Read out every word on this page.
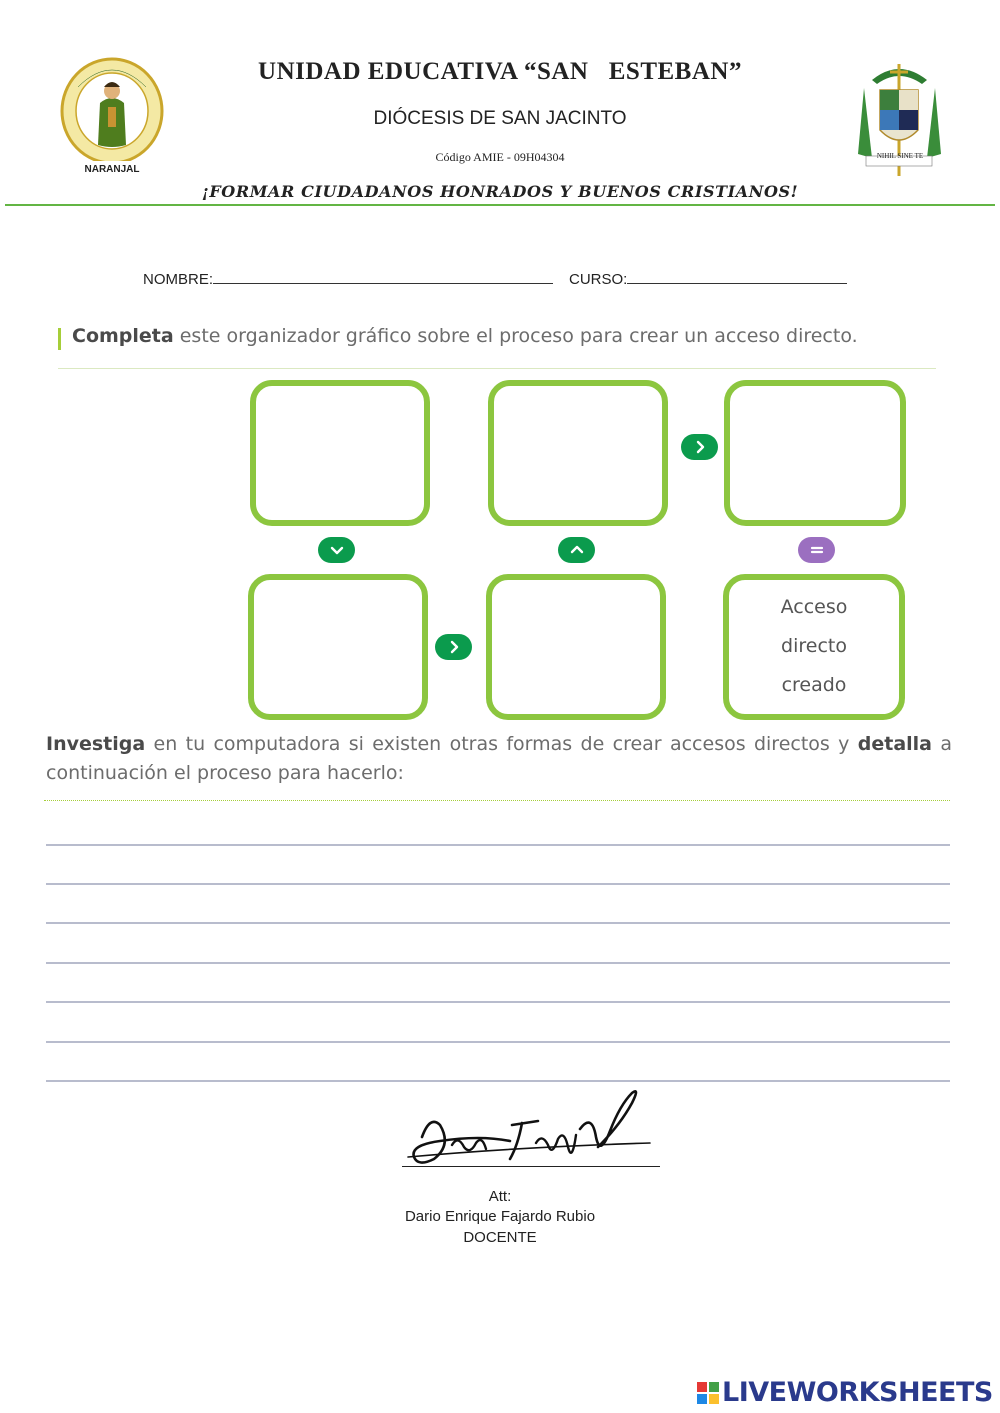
NARANJAL
UNIDAD EDUCATIVA “SAN   ESTEBAN”
DIÓCESIS DE SAN JACINTO
Código AMIE - 09H04304	NIHIL SINE TE
¡FORMAR CIUDADANOS HONRADOS Y BUENOS CRISTIANOS!
NOMBRE:	CURSO:
Completa este organizador gráfico sobre el proceso para crear un acceso directo.
Acceso
directo
creado
Investiga en tu computadora si existen otras formas de crear accesos directos y detalla a continuación el proceso para hacerlo:
Att:
Dario Enrique Fajardo Rubio
DOCENTE
LIVEWORKSHEETS
